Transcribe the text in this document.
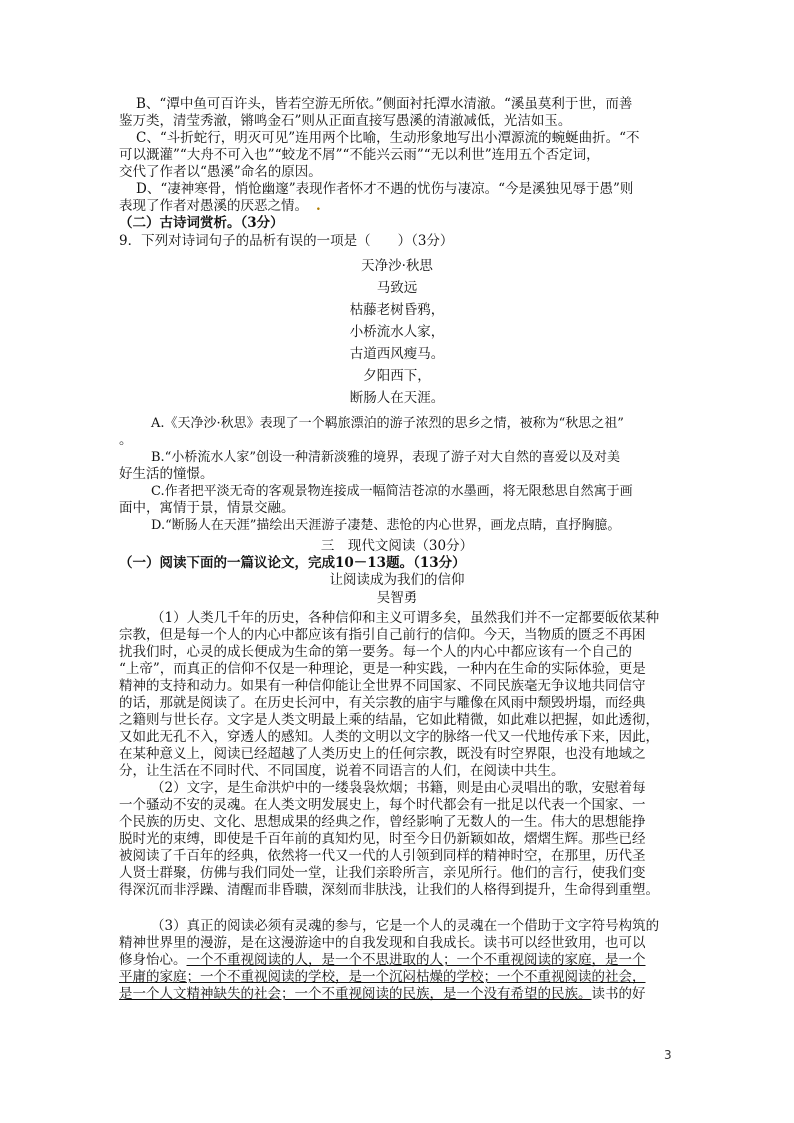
B、“潭中鱼可百许头，皆若空游无所依。”侧面衬托潭水清澈。“溪虽莫利于世，而善

鉴万类，清莹秀澈，锵鸣金石”则从正面直接写愚溪的清澈减低，光洁如玉。

C、“斗折蛇行，明灭可见”连用两个比喻，生动形象地写出小潭源流的蜿蜒曲折。“不

可以溉灌”“大舟不可入也”“蛟龙不屑”“不能兴云雨”“无以利世”连用五个否定词，

交代了作者以“愚溪”命名的原因。

D、“凄神寒骨，悄怆幽邃”表现作者怀才不遇的忧伤与凄凉。“今是溪独见辱于愚”则

表现了作者对愚溪的厌恶之情。 .

（二）古诗词赏析。（3分）

9．下列对诗词句子的品析有误的一项是（　　）（3分）

天净沙·秋思

马致远

枯藤老树昏鸦，

小桥流水人家，

古道西风瘦马。

夕阳西下，

断肠人在天涯。

A.《天净沙·秋思》表现了一个羁旅漂泊的游子浓烈的思乡之情，被称为“秋思之祖”

。

B.“小桥流水人家”创设一种清新淡雅的境界，表现了游子对大自然的喜爱以及对美

好生活的憧憬。

C.作者把平淡无奇的客观景物连接成一幅简洁苍凉的水墨画，将无限愁思自然寓于画

面中，寓情于景，情景交融。

D.“断肠人在天涯”描绘出天涯游子凄楚、悲怆的内心世界，画龙点睛，直抒胸臆。

三　现代文阅读（30分）

（一）阅读下面的一篇议论文，完成10－13题。（13分）

让阅读成为我们的信仰

吴智勇

（1）人类几千年的历史，各种信仰和主义可谓多矣，虽然我们并不一定都要皈依某种

宗教，但是每一个人的内心中都应该有指引自己前行的信仰。今天，当物质的匮乏不再困

扰我们时，心灵的成长便成为生命的第一要务。每一个人的内心中都应该有一个自己的

“上帝”，而真正的信仰不仅是一种理论，更是一种实践，一种内在生命的实际体验，更是

精神的支持和动力。如果有一种信仰能让全世界不同国家、不同民族毫无争议地共同信守

的话，那就是阅读了。在历史长河中，有关宗教的庙宇与雕像在风雨中颓毁坍塌，而经典

之籍则与世长存。文字是人类文明最上乘的结晶，它如此精微，如此难以把握，如此透彻，

又如此无孔不入，穿透人的感知。人类的文明以文字的脉络一代又一代地传承下来，因此，

在某种意义上，阅读已经超越了人类历史上的任何宗教，既没有时空界限，也没有地域之

分，让生活在不同时代、不同国度，说着不同语言的人们，在阅读中共生。

（2）文字，是生命洪炉中的一缕袅袅炊烟；书籍，则是由心灵唱出的歌，安慰着每

一个骚动不安的灵魂。在人类文明发展史上，每个时代都会有一批足以代表一个国家、一

个民族的历史、文化、思想成果的经典之作，曾经影响了无数人的一生。伟大的思想能挣

脱时光的束缚，即使是千百年前的真知灼见，时至今日仍新颖如故，熠熠生辉。那些已经

被阅读了千百年的经典，依然将一代又一代的人引领到同样的精神时空，在那里，历代圣

人贤士群聚，仿佛与我们同处一堂，让我们亲聆所言，亲见所行。他们的言行，使我们变

得深沉而非浮躁、清醒而非昏聩，深刻而非肤浅，让我们的人格得到提升，生命得到重塑。

（3）真正的阅读必须有灵魂的参与，它是一个人的灵魂在一个借助于文字符号构筑的

精神世界里的漫游，是在这漫游途中的自我发现和自我成长。读书可以经世致用，也可以

修身怡心。一个不重视阅读的人，是一个不思进取的人；一个不重视阅读的家庭，是一个

平庸的家庭；一个不重视阅读的学校，是一个沉闷枯燥的学校；一个不重视阅读的社会，

是一个人文精神缺失的社会；一个不重视阅读的民族，是一个没有希望的民族。读书的好

3
